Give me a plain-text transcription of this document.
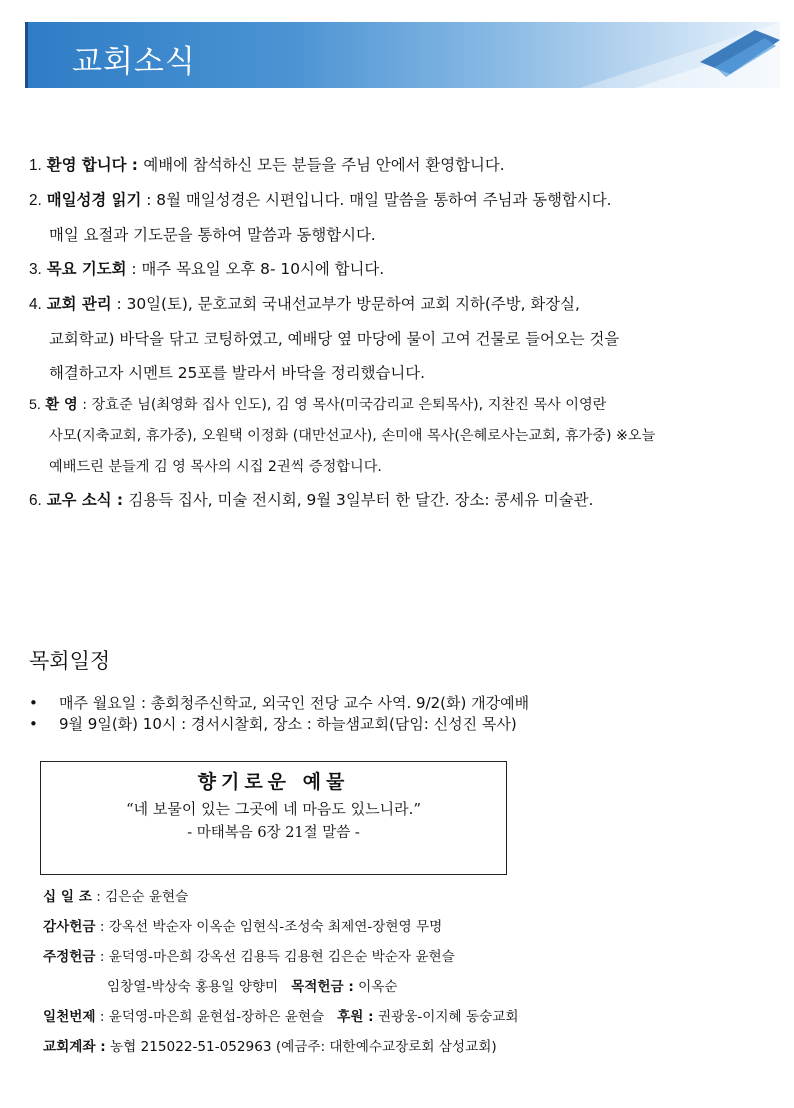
교회소식
1. 환영 합니다 : 예배에 참석하신 모든 분들을 주님 안에서 환영합니다.
2. 매일성경 읽기 : 8월 매일성경은 시편입니다. 매일 말씀을 통하여 주님과 동행합시다.
매일 요절과 기도문을 통하여 말씀과 동행합시다.
3. 목요 기도회 : 매주 목요일 오후 8- 10시에 합니다.
4. 교회 관리 : 30일(토), 문호교회 국내선교부가 방문하여 교회 지하(주방, 화장실,
교회학교) 바닥을 닦고 코팅하였고, 예배당 옆 마당에 물이 고여 건물로 들어오는 것을
해결하고자 시멘트 25포를 발라서 바닥을 정리했습니다.
5. 환 영 : 장효준 님(최영화 집사 인도), 김 영 목사(미국감리교 은퇴목사), 지찬진 목사 이영란
사모(지축교회, 휴가중), 오원택 이정화 (대만선교사), 손미애 목사(은혜로사는교회, 휴가중) ※오늘
예배드린 분들게 김 영 목사의 시집 2권씩 증정합니다.
6. 교우 소식 : 김용득 집사, 미술 전시회, 9월 3일부터 한 달간. 장소: 콩세유 미술관.
목회일정
• 매주 월요일 : 총회청주신학교, 외국인 전당 교수 사역. 9/2(화) 개강예배
• 9월 9일(화) 10시 : 경서시찰회, 장소 : 하늘샘교회(담임: 신성진 목사)
향기로운 예물
“네 보물이 있는 그곳에 네 마음도 있느니라.”
- 마태복음 6장 21절 말씀 -
십 일 조 : 김은순 윤현슬
감사헌금 : 강옥선 박순자 이옥순 임현식-조성숙 최제연-장현영 무명
주정헌금 : 윤덕영-마은희 강옥선 김용득 김용현 김은순 박순자 윤현슬
임창열-박상숙 홍용일 양향미 목적헌금 : 이옥순
일천번제 : 윤덕영-마은희 윤현섭-장하은 윤현슬 후원 : 권광웅-이지혜 동숭교회
교회계좌 : 농협 215022-51-052963 (예금주: 대한예수교장로회 삼성교회)
